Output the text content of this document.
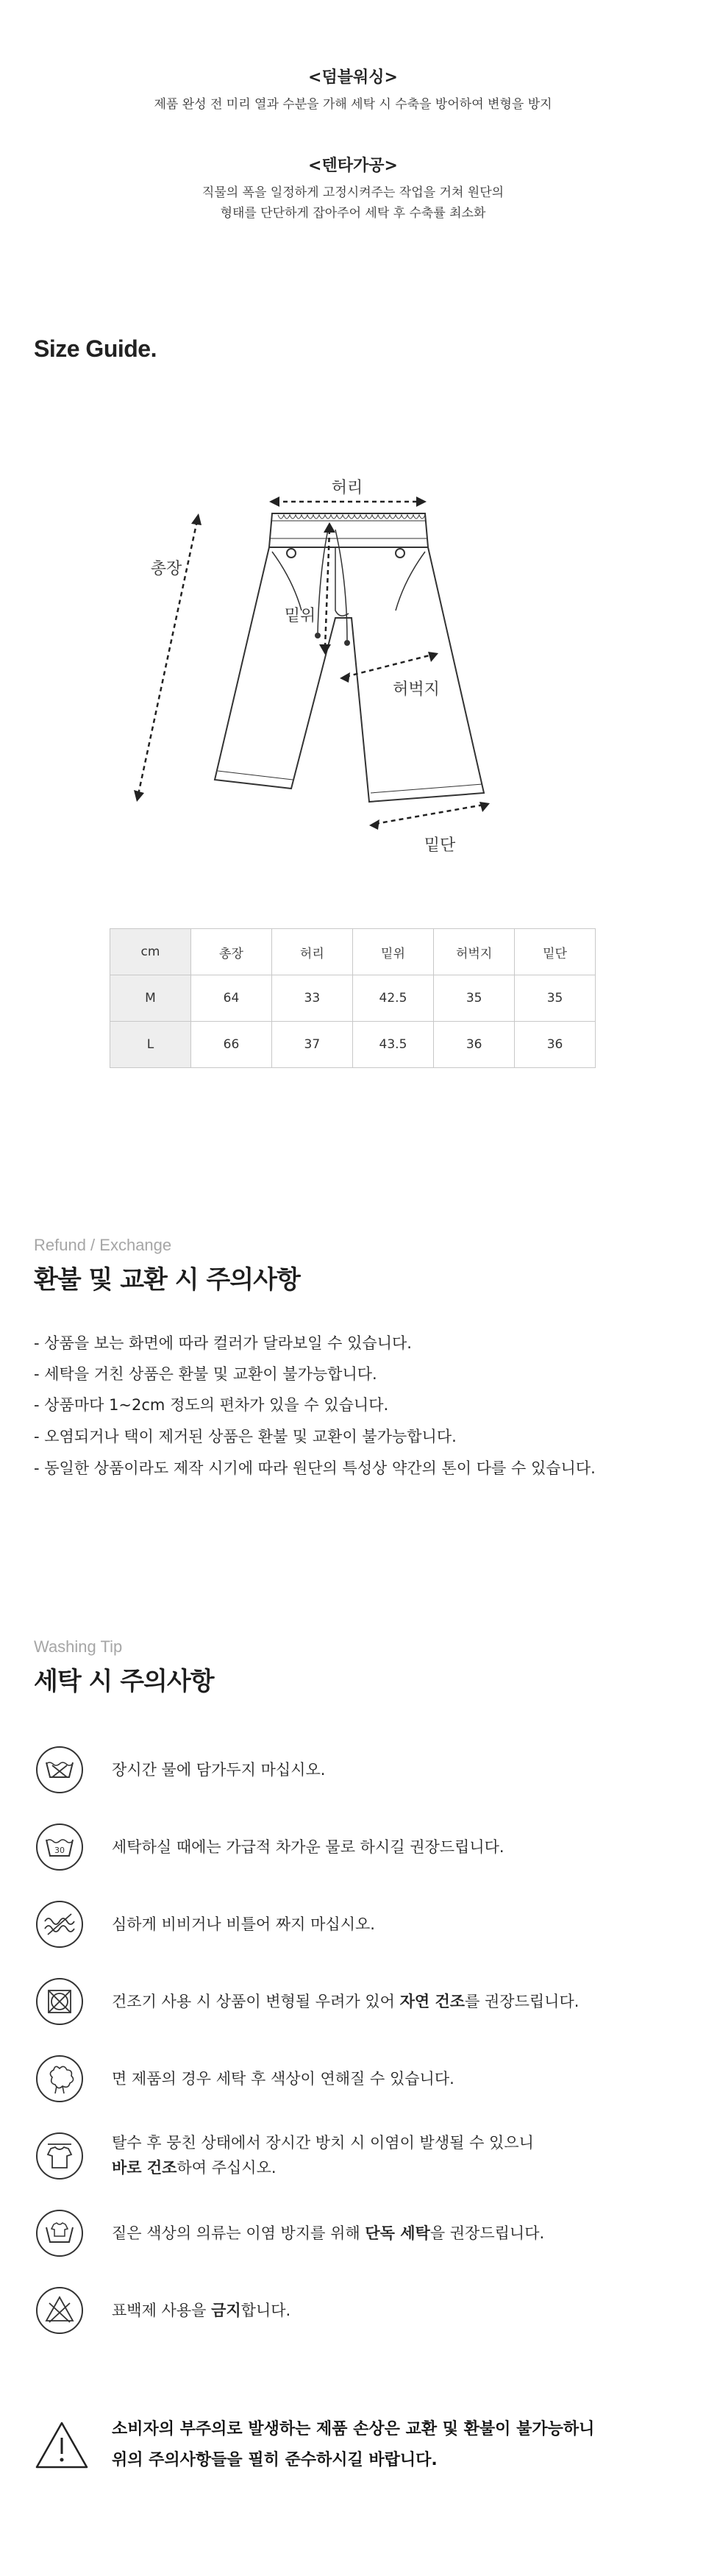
<덤블워싱>
제품 완성 전 미리 열과 수분을 가해 세탁 시 수축을 방어하여 변형을 방지
<텐타가공>
직물의 폭을 일정하게 고정시켜주는 작업을 거쳐 원단의
형태를 단단하게 잡아주어 세탁 후 수축률 최소화
Size Guide.
허리
총장
밑위
허벅지
밑단
cm	총장	허리	밑위	허벅지	밑단
M	64	33	42.5	35	35
L	66	37	43.5	36	36
Refund / Exchange
환불 및 교환 시 주의사항
- 상품을 보는 화면에 따라 컬러가 달라보일 수 있습니다.
- 세탁을 거친 상품은 환불 및 교환이 불가능합니다.
- 상품마다 1~2cm 정도의 편차가 있을 수 있습니다.
- 오염되거나 택이 제거된 상품은 환불 및 교환이 불가능합니다.
- 동일한 상품이라도 제작 시기에 따라 원단의 특성상 약간의 톤이 다를 수 있습니다.
Washing Tip
세탁 시 주의사항
장시간 물에 담가두지 마십시오.
30	세탁하실 때에는 가급적 차가운 물로 하시길 권장드립니다.
심하게 비비거나 비틀어 짜지 마십시오.
건조기 사용 시 상품이 변형될 우려가 있어 자연 건조를 권장드립니다.
면 제품의 경우 세탁 후 색상이 연해질 수 있습니다.
탈수 후 뭉친 상태에서 장시간 방치 시 이염이 발생될 수 있으니
바로 건조하여 주십시오.
짙은 색상의 의류는 이염 방지를 위해 단독 세탁을 권장드립니다.
표백제 사용을 금지합니다.
소비자의 부주의로 발생하는 제품 손상은 교환 및 환불이 불가능하니
위의 주의사항들을 필히 준수하시길 바랍니다.
